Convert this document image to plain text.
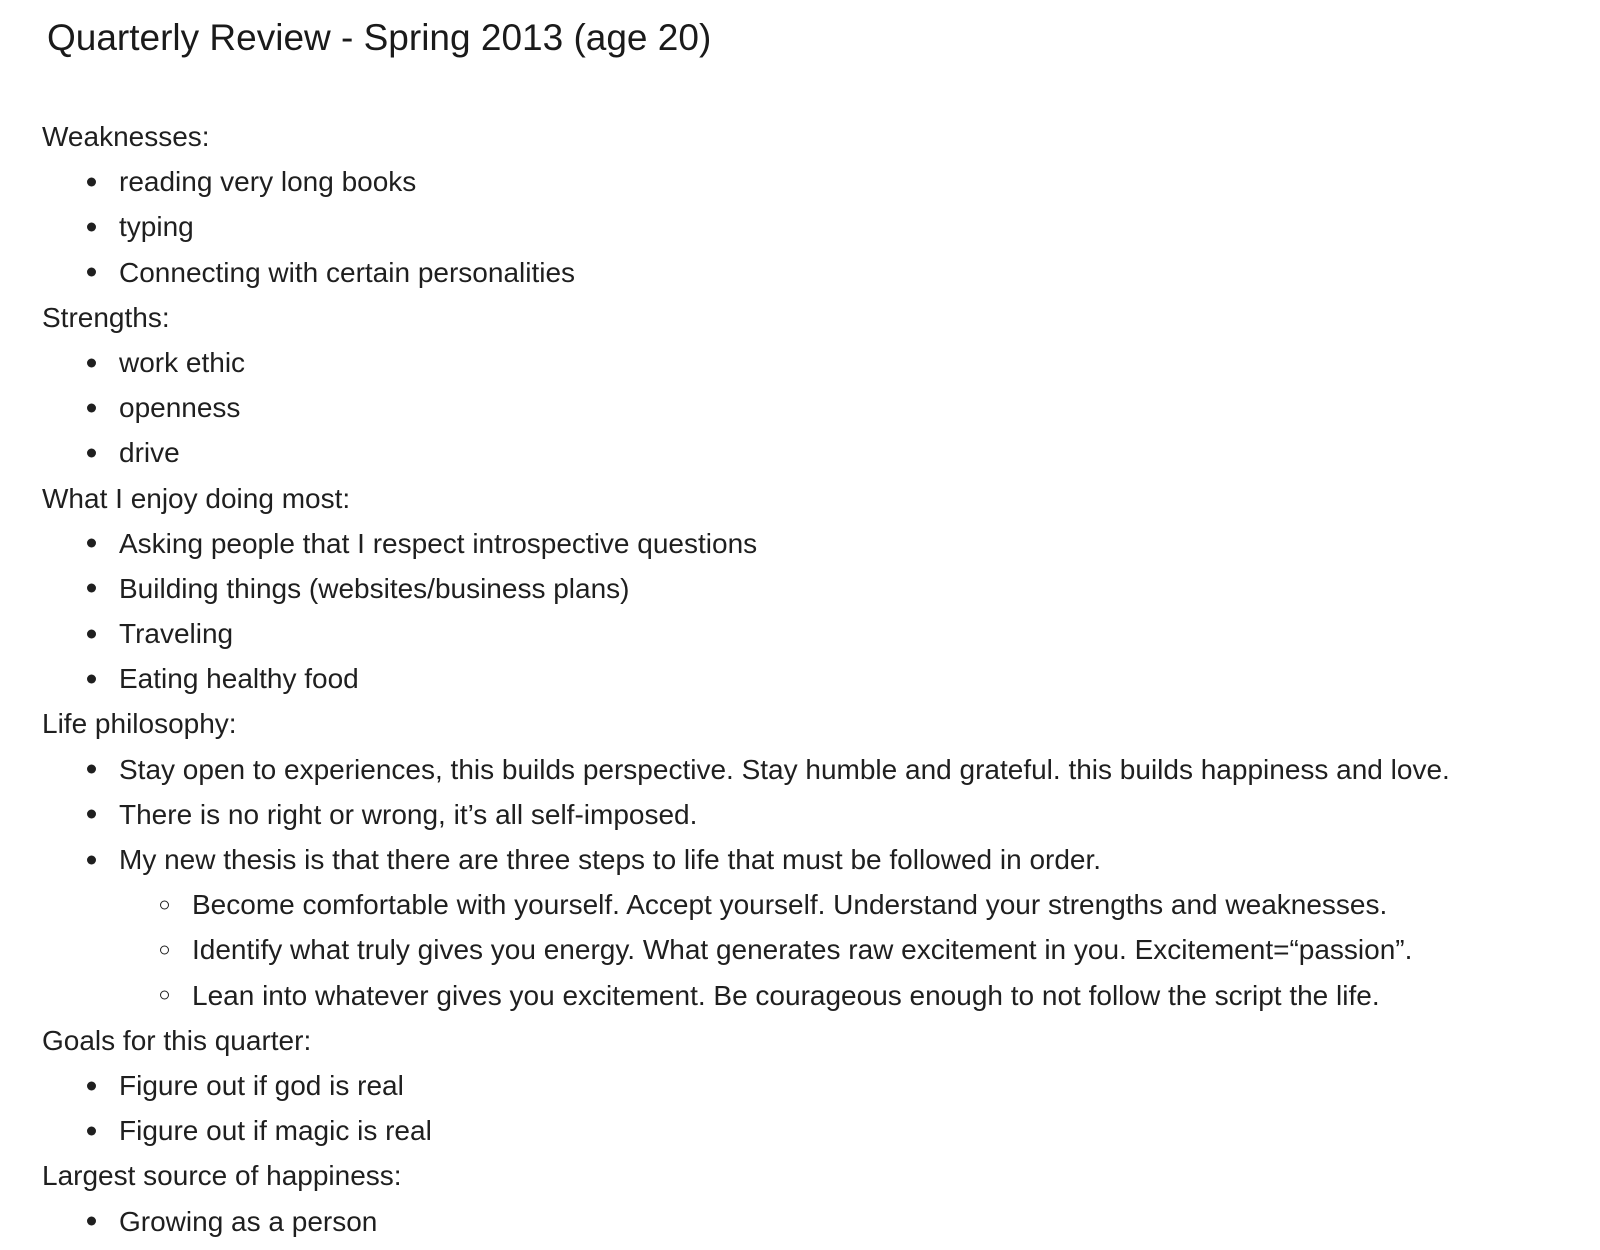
Quarterly Review - Spring 2013 (age 20)
Weaknesses:
reading very long books
typing
Connecting with certain personalities
Strengths:
work ethic
openness
drive
What I enjoy doing most:
Asking people that I respect introspective questions
Building things (websites/business plans)
Traveling
Eating healthy food
Life philosophy:
Stay open to experiences, this builds perspective. Stay humble and grateful. this builds happiness and love.
There is no right or wrong, it’s all self-imposed.
My new thesis is that there are three steps to life that must be followed in order.
Become comfortable with yourself. Accept yourself. Understand your strengths and weaknesses.
Identify what truly gives you energy. What generates raw excitement in you. Excitement=“passion”.
Lean into whatever gives you excitement. Be courageous enough to not follow the script the life.
Goals for this quarter:
Figure out if god is real
Figure out if magic is real
Largest source of happiness:
Growing as a person
